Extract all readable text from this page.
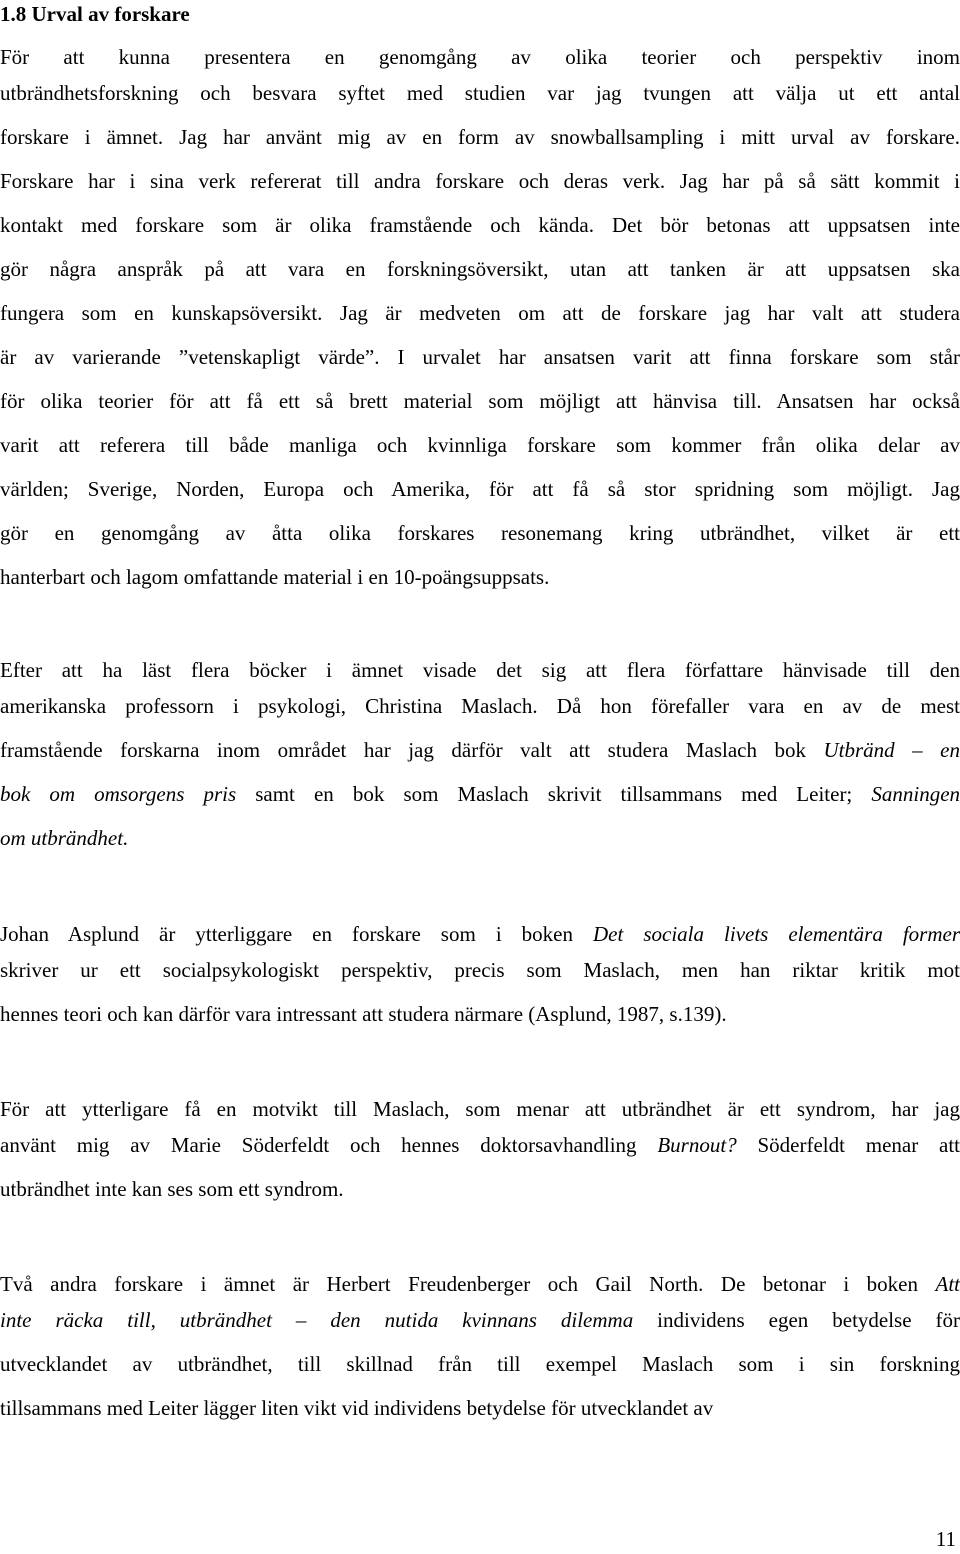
1.8 Urval av forskare
För att kunna presentera en genomgång av olika teorier och perspektiv inom
utbrändhetsforskning och besvara syftet med studien var jag tvungen att välja ut ett antal
forskare i ämnet. Jag har använt mig av en form av snowballsampling i mitt urval av forskare.
Forskare har i sina verk refererat till andra forskare och deras verk. Jag har på så sätt kommit i
kontakt med forskare som är olika framstående och kända. Det bör betonas att uppsatsen inte
gör några anspråk på att vara en forskningsöversikt, utan att tanken är att uppsatsen ska
fungera som en kunskapsöversikt. Jag är medveten om att de forskare jag har valt att studera
är av varierande ”vetenskapligt värde”. I urvalet har ansatsen varit att finna forskare som står
för olika teorier för att få ett så brett material som möjligt att hänvisa till. Ansatsen har också
varit att referera till både manliga och kvinnliga forskare som kommer från olika delar av
världen; Sverige, Norden, Europa och Amerika, för att få så stor spridning som möjligt. Jag
gör en genomgång av åtta olika forskares resonemang kring utbrändhet, vilket är ett
hanterbart och lagom omfattande material i en 10-poängsuppsats.
Efter att ha läst flera böcker i ämnet visade det sig att flera författare hänvisade till den
amerikanska professorn i psykologi, Christina Maslach. Då hon förefaller vara en av de mest
framstående forskarna inom området har jag därför valt att studera Maslach bok Utbränd – en
bok om omsorgens pris samt en bok som Maslach skrivit tillsammans med Leiter; Sanningen
om utbrändhet.
Johan Asplund är ytterliggare en forskare som i boken Det sociala livets elementära former
skriver ur ett socialpsykologiskt perspektiv, precis som Maslach, men han riktar kritik mot
hennes teori och kan därför vara intressant att studera närmare (Asplund, 1987, s.139).
För att ytterligare få en motvikt till Maslach, som menar att utbrändhet är ett syndrom, har jag
använt mig av Marie Söderfeldt och hennes doktorsavhandling Burnout? Söderfeldt menar att
utbrändhet inte kan ses som ett syndrom.
Två andra forskare i ämnet är Herbert Freudenberger och Gail North. De betonar i boken Att
inte räcka till, utbrändhet – den nutida kvinnans dilemma individens egen betydelse för
utvecklandet av utbrändhet, till skillnad från till exempel Maslach som i sin forskning
tillsammans med Leiter lägger liten vikt vid individens betydelse för utvecklandet av
11
